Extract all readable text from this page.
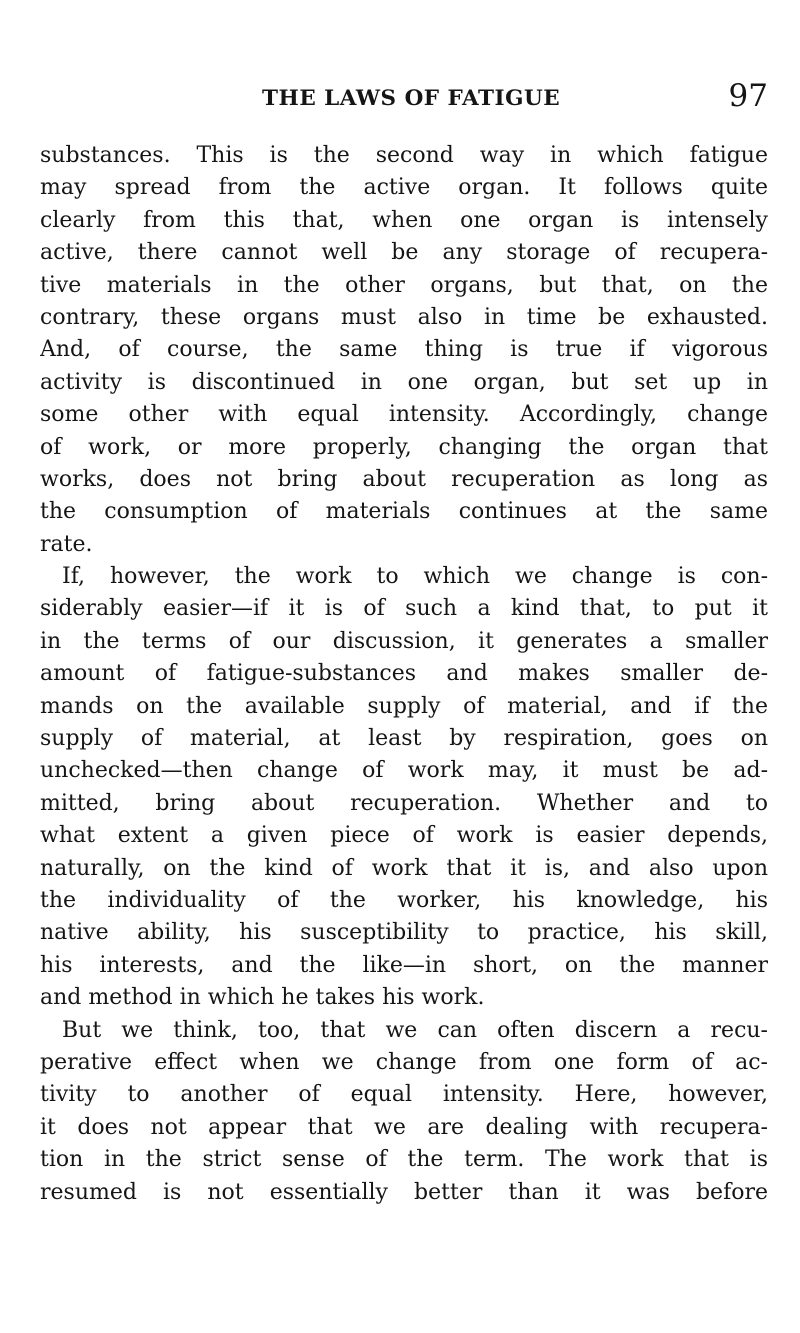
THE LAWS OF FATIGUE	97
substances. This is the second way in which fatigue
may spread from the active organ. It follows quite
clearly from this that, when one organ is intensely
active, there cannot well be any storage of recupera-
tive materials in the other organs, but that, on the
contrary, these organs must also in time be exhausted.
And, of course, the same thing is true if vigorous
activity is discontinued in one organ, but set up in
some other with equal intensity. Accordingly, change
of work, or more properly, changing the organ that
works, does not bring about recuperation as long as
the consumption of materials continues at the same
rate.
If, however, the work to which we change is con-
siderably easier—if it is of such a kind that, to put it
in the terms of our discussion, it generates a smaller
amount of fatigue-substances and makes smaller de-
mands on the available supply of material, and if the
supply of material, at least by respiration, goes on
unchecked—then change of work may, it must be ad-
mitted, bring about recuperation. Whether and to
what extent a given piece of work is easier depends,
naturally, on the kind of work that it is, and also upon
the individuality of the worker, his knowledge, his
native ability, his susceptibility to practice, his skill,
his interests, and the like—in short, on the manner
and method in which he takes his work.
But we think, too, that we can often discern a recu-
perative effect when we change from one form of ac-
tivity to another of equal intensity. Here, however,
it does not appear that we are dealing with recupera-
tion in the strict sense of the term. The work that is
resumed is not essentially better than it was before
